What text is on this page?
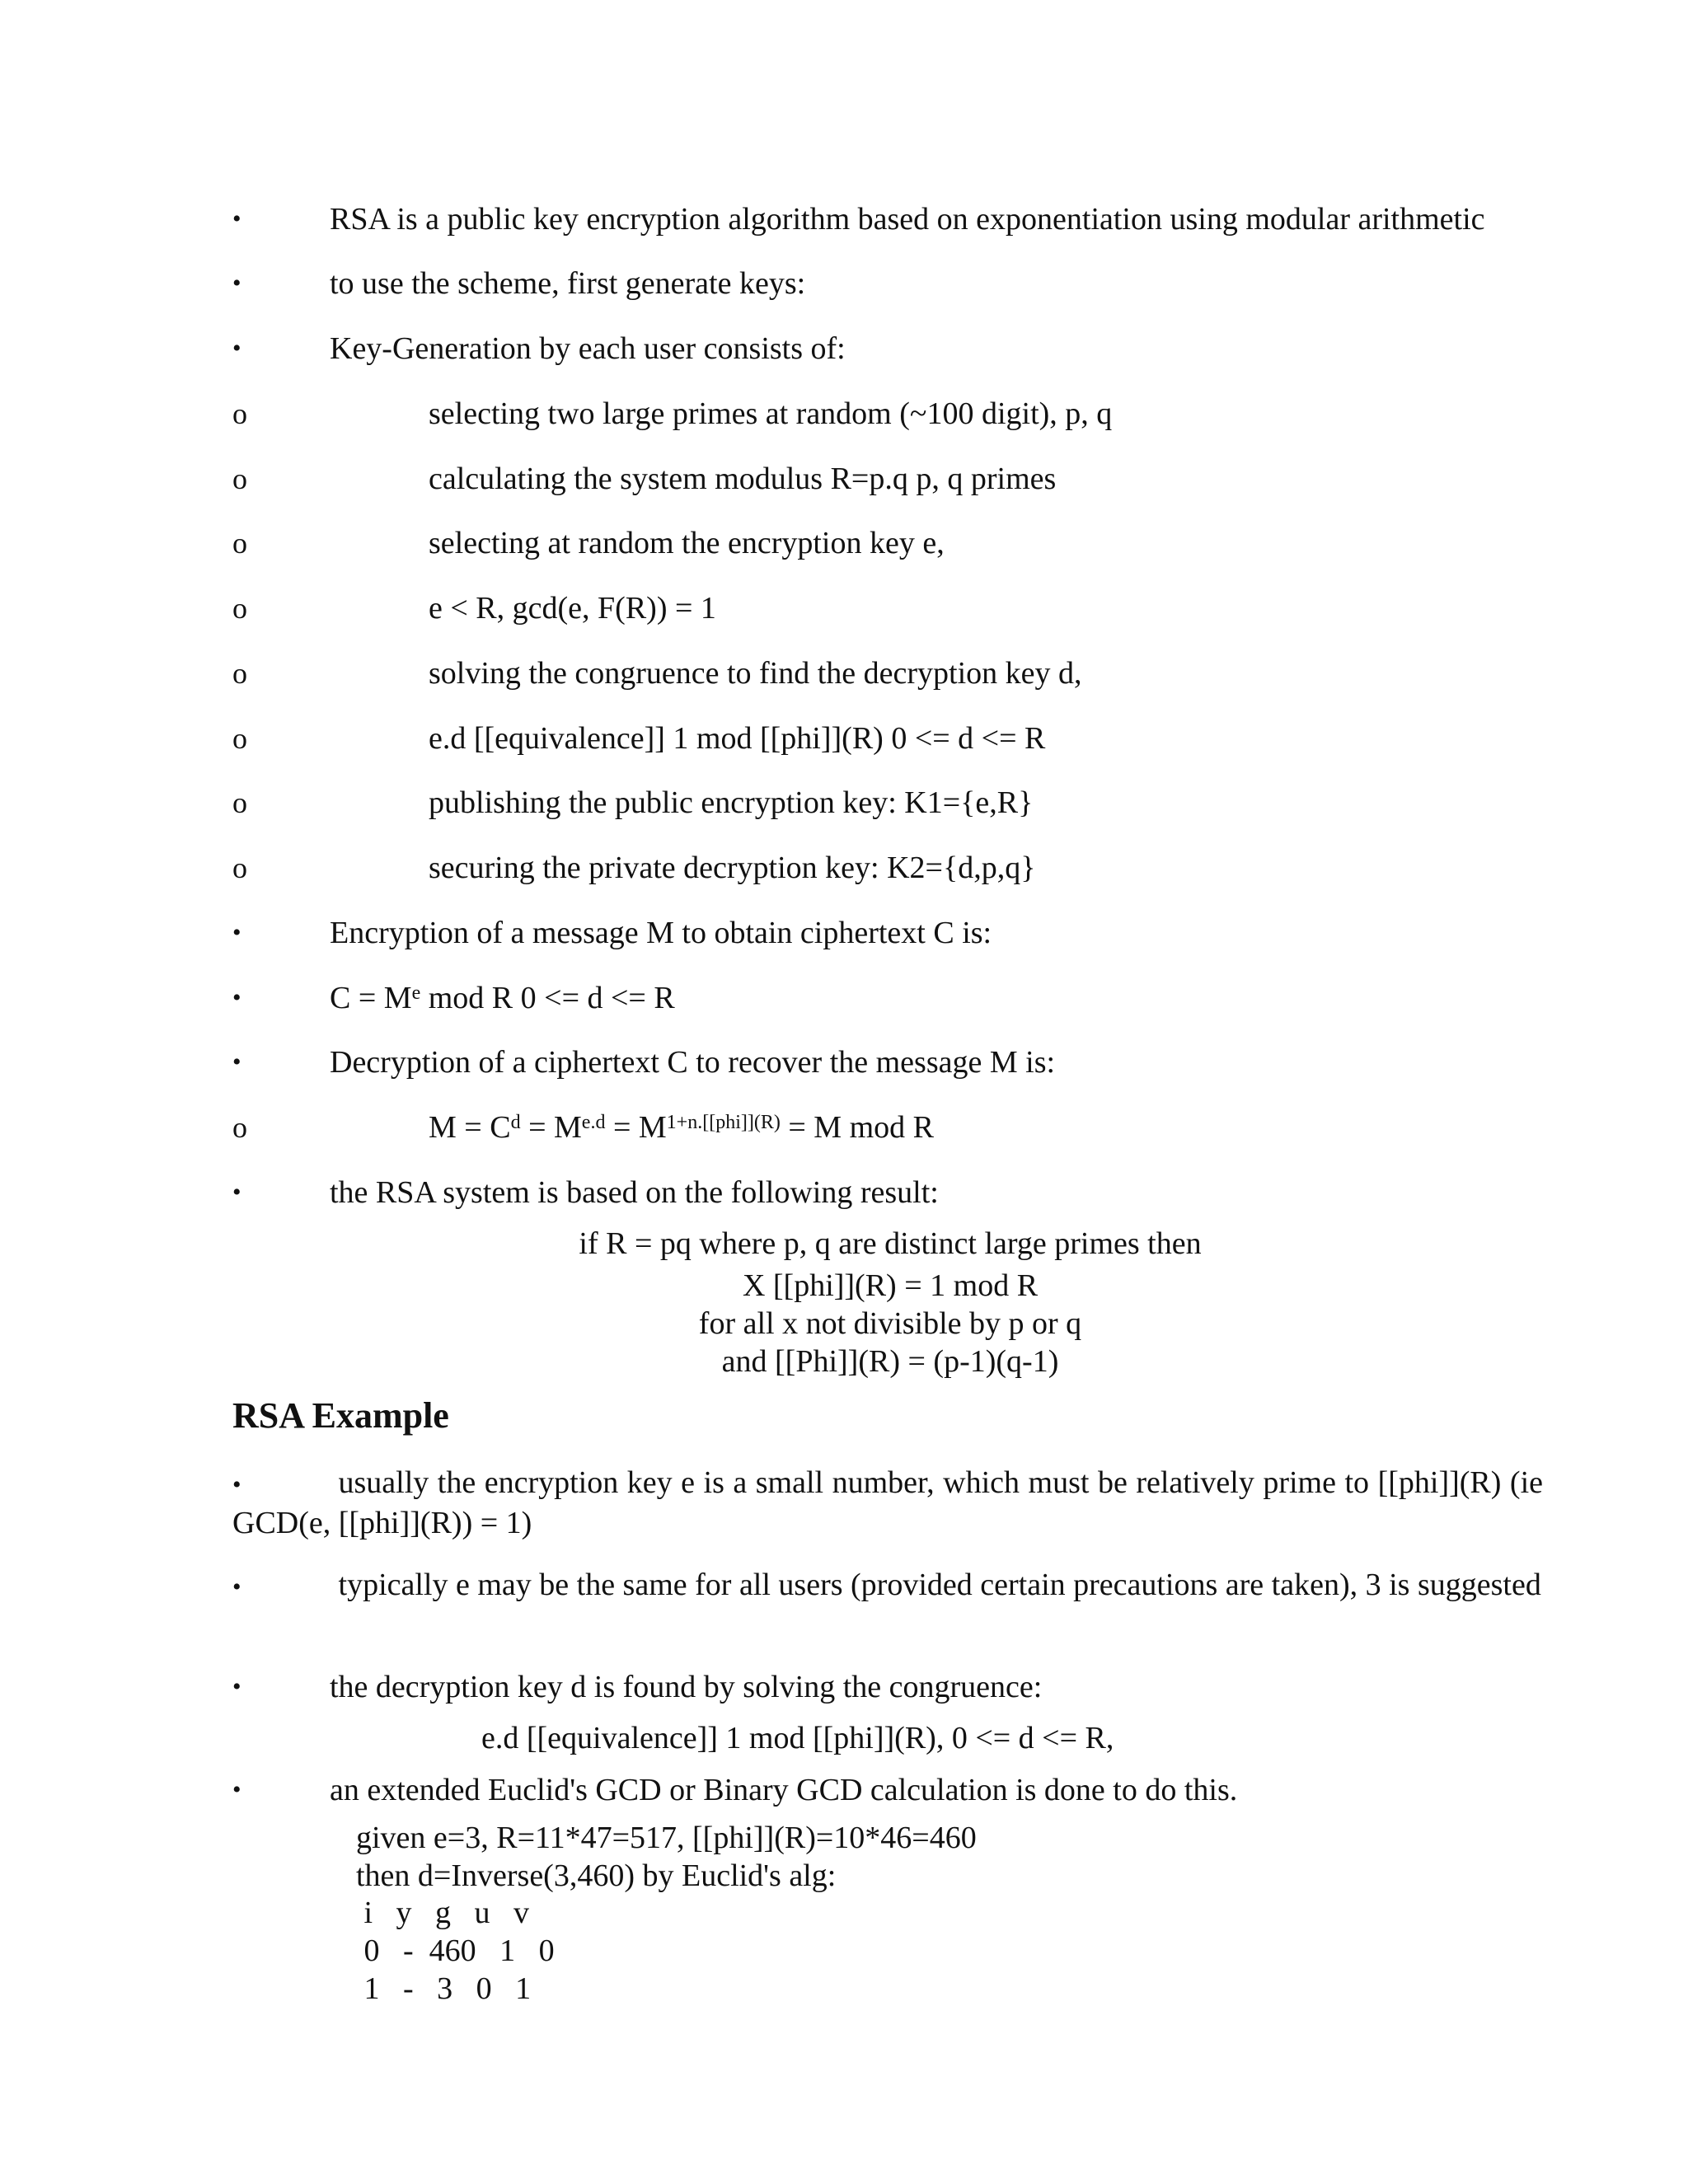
•	RSA is a public key encryption algorithm based on exponentiation using modular arithmetic
•	to use the scheme, first generate keys:
•	Key-Generation by each user consists of:
o	selecting two large primes at random (~100 digit), p, q
o	calculating the system modulus R=p.q p, q primes
o	selecting at random the encryption key e,
o	e < R, gcd(e, F(R)) = 1
o	solving the congruence to find the decryption key d,
o	e.d [[equivalence]] 1 mod [[phi]](R) 0 <= d <= R
o	publishing the public encryption key: K1={e,R}
o	securing the private decryption key: K2={d,p,q}
•	Encryption of a message M to obtain ciphertext C is:
•	$C = M^e$ mod R 0 <= d <= R
•	Decryption of a ciphertext C to recover the message M is:
o	$M = C^d = M^{e.d} = M^{1+n.[[phi]](R)} = M$ mod R
•	the RSA system is based on the following result:
if R = pq where p, q are distinct large primes then
X [[phi]](R) = 1 mod R
for all x not divisible by p or q
and [[Phi]](R) = (p-1)(q-1)
RSA Example
•	usually the encryption key e is a small number, which must be relatively prime to [[phi]](R) (ie GCD(e, [[phi]](R)) = 1)
•	typically e may be the same for all users (provided certain precautions are taken), 3 is suggested
•	the decryption key d is found by solving the congruence:
e.d [[equivalence]] 1 mod [[phi]](R), 0 <= d <= R,
•	an extended Euclid's GCD or Binary GCD calculation is done to do this.
given e=3, R=11*47=517, [[phi]](R)=10*46=460
then d=Inverse(3,460) by Euclid's alg:
i   y   g   u   v
0   -  460   1   0
1   -   3   0   1
